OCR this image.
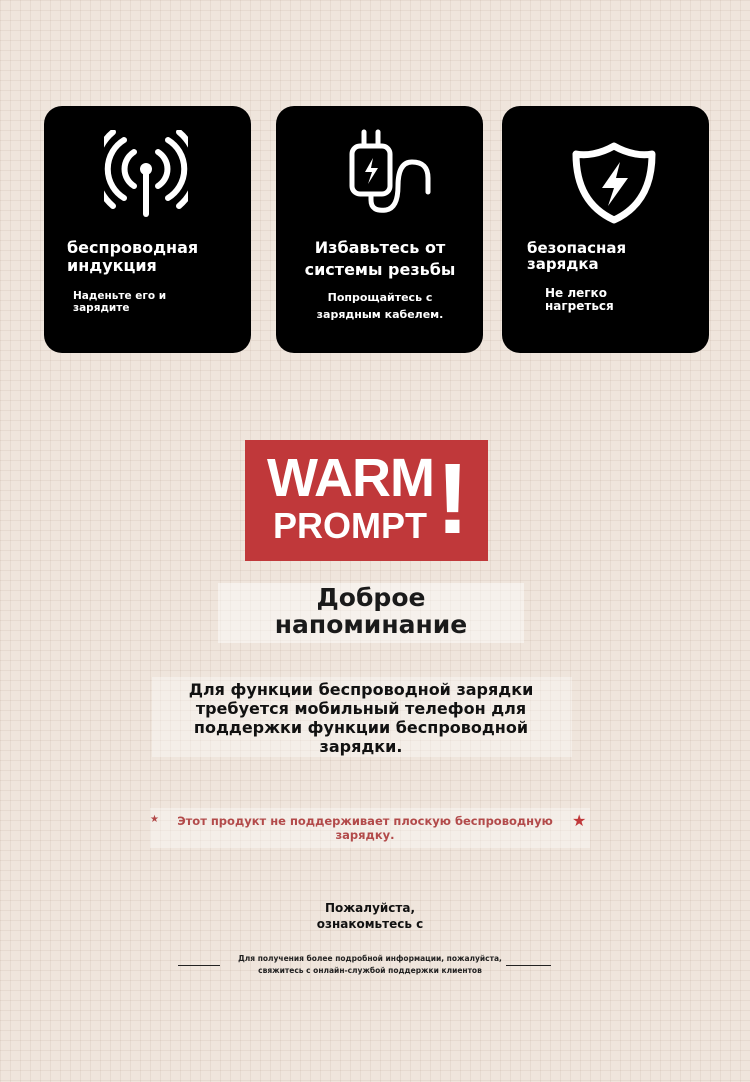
беспроводная индукция
Наденьте его и зарядите
Избавьтесь от системы резьбы
Попрощайтесь с зарядным кабелем.
безопасная зарядка
Не легко нагреться
WARM
PROMPT !
Доброе напоминание
Для функции беспроводной зарядки требуется мобильный телефон для поддержки функции беспроводной зарядки.
★ Этот продукт не поддерживает плоскую беспроводную зарядку.
★
Пожалуйста, ознакомьтесь с
Для получения более подробной информации, пожалуйста, свяжитесь с онлайн-службой поддержки клиентов
